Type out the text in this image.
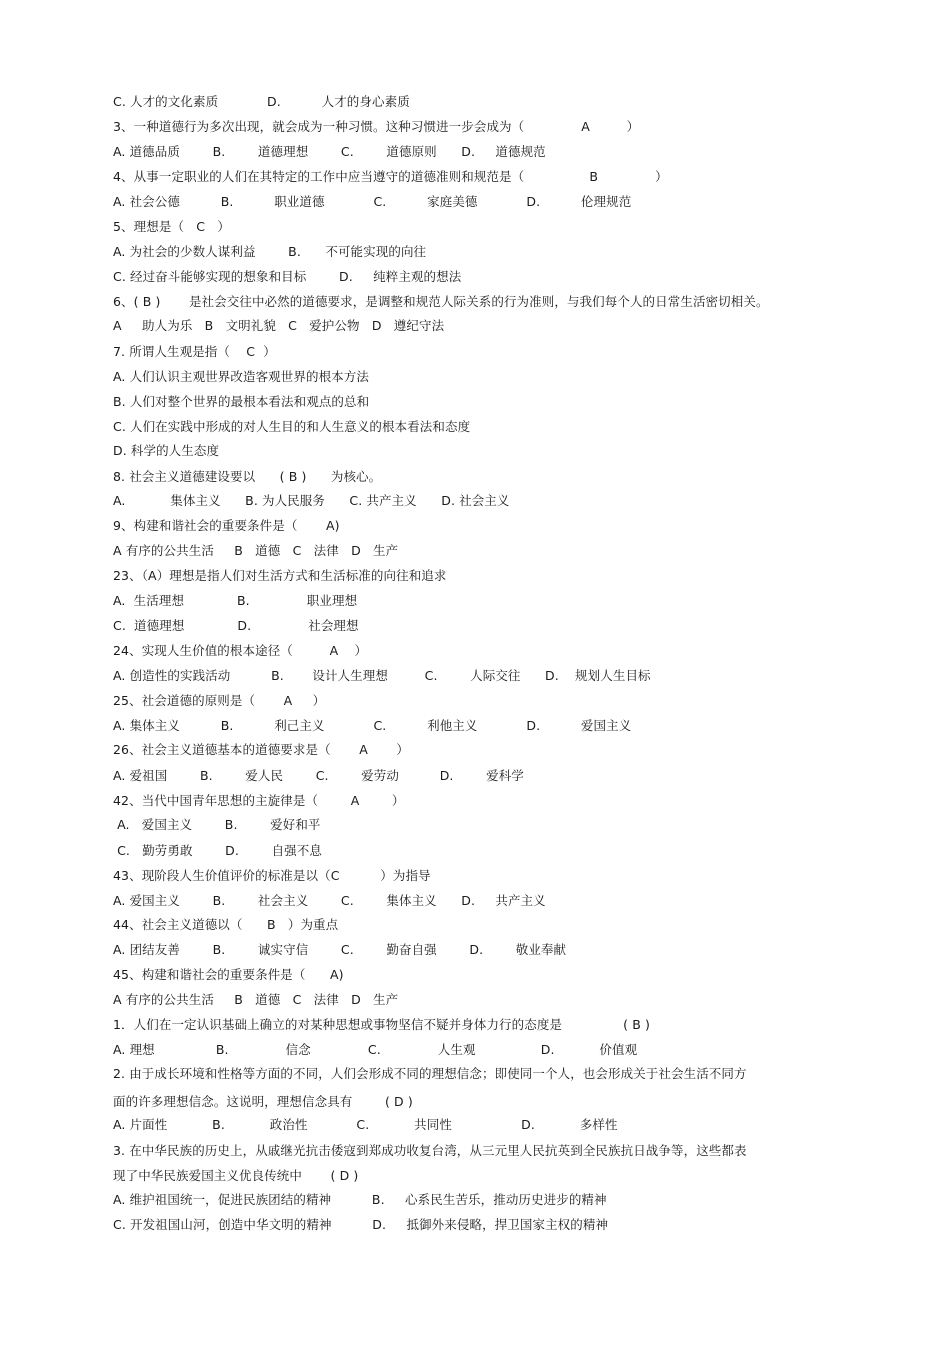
C. 人才的文化素质            D.          人才的身心素质
3、一种道德行为多次出现，就会成为一种习惯。这种习惯进一步会成为（              A         ）
A. 道德品质        B.        道德理想        C.        道德原则      D.     道德规范
4、从事一定职业的人们在其特定的工作中应当遵守的道德准则和规范是（                B              ）
A. 社会公德          B.          职业道德            C.          家庭美德            D.          伦理规范
5、理想是（   C   ）
A. 为社会的少数人谋利益        B.      不可能实现的向往
C. 经过奋斗能够实现的想象和目标        D.     纯粹主观的想法
6、( B )       是社会交往中必然的道德要求，是调整和规范人际关系的行为准则，与我们每个人的日常生活密切相关。
A     助人为乐   B   文明礼貌   C   爱护公物   D   遵纪守法
7. 所谓人生观是指（    C  ）
A. 人们认识主观世界改造客观世界的根本方法
B. 人们对整个世界的最根本看法和观点的总和
C. 人们在实践中形成的对人生目的和人生意义的根本看法和态度
D. 科学的人生态度
8. 社会主义道德建设要以      ( B )      为核心。
A.           集体主义      B. 为人民服务      C. 共产主义      D. 社会主义
9、构建和谐社会的重要条件是（       A)
A 有序的公共生活     B   道德   C   法律   D   生产
23、（A）理想是指人们对生活方式和生活标准的向往和追求
A.  生活理想             B.              职业理想
C.  道德理想             D.              社会理想
24、实现人生价值的根本途径（         A    ）
A. 创造性的实践活动          B.       设计人生理想         C.        人际交往      D.    规划人生目标
25、社会道德的原则是（       A     ）
A. 集体主义          B.          利己主义            C.          利他主义            D.          爱国主义
26、社会主义道德基本的道德要求是（       A       ）
A. 爱祖国        B.        爱人民        C.        爱劳动          D.        爱科学
42、当代中国青年思想的主旋律是（        A        ）
A.   爱国主义        B.        爱好和平
C.   勤劳勇敢        D.        自强不息
43、现阶段人生价值评价的标准是以（C          ）为指导
A. 爱国主义        B.        社会主义        C.        集体主义      D.     共产主义
44、社会主义道德以（      B   ）为重点
A. 团结友善        B.        诚实守信        C.        勤奋自强        D.        敬业奉献
45、构建和谐社会的重要条件是（      A)
A 有序的公共生活     B   道德   C   法律   D   生产
1．人们在一定认识基础上确立的对某种思想或事物坚信不疑并身体力行的态度是               ( B )
A. 理想               B.              信念              C.              人生观                D.           价值观
2. 由于成长环境和性格等方面的不同，人们会形成不同的理想信念；即使同一个人，也会形成关于社会生活不同方
面的许多理想信念。这说明，理想信念具有        ( D )
A. 片面性           B.           政治性            C.           共同性                 D.           多样性
3. 在中华民族的历史上，从戚继光抗击倭寇到郑成功收复台湾，从三元里人民抗英到全民族抗日战争等，这些都表
现了中华民族爱国主义优良传统中       ( D )
A. 维护祖国统一，促进民族团结的精神          B.     心系民生苦乐，推动历史进步的精神
C. 开发祖国山河，创造中华文明的精神          D.     抵御外来侵略，捍卫国家主权的精神
